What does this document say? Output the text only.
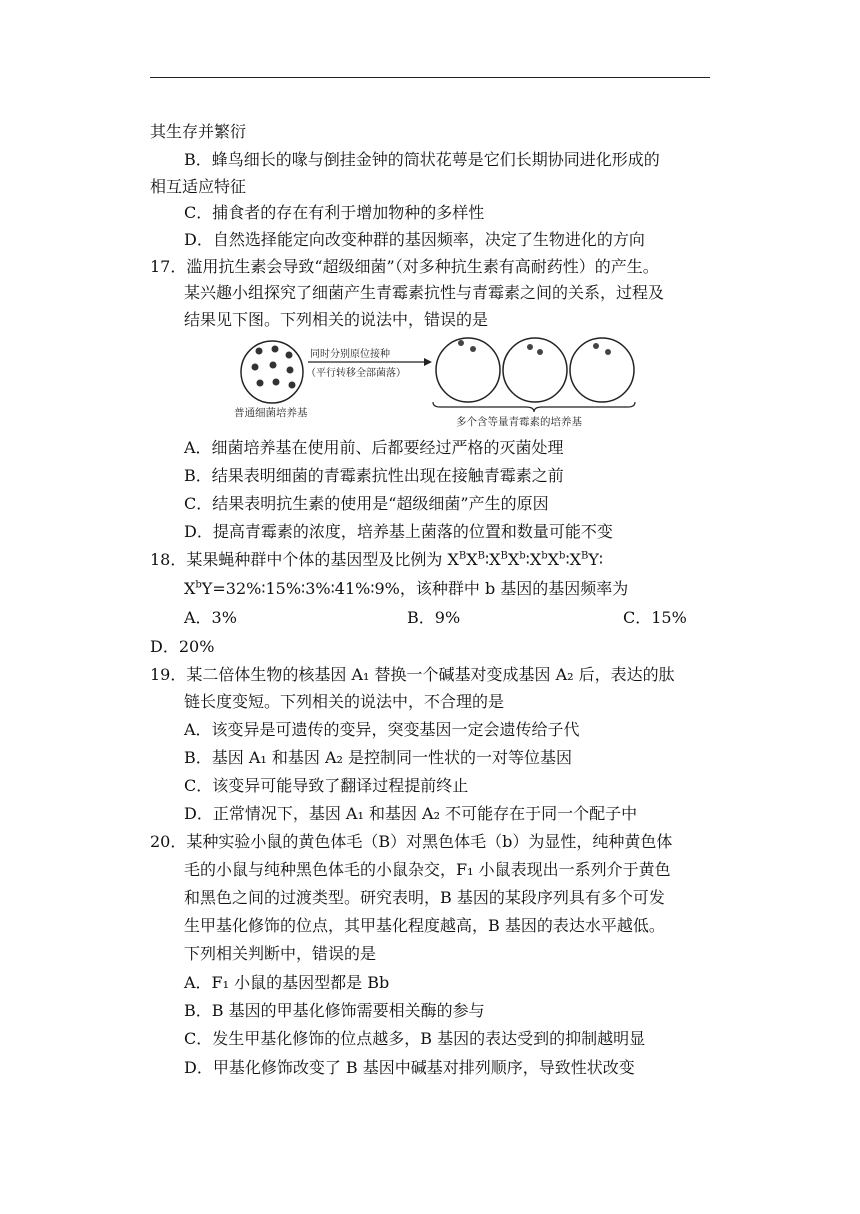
其生存并繁衍
B．蜂鸟细长的喙与倒挂金钟的筒状花萼是它们长期协同进化形成的
相互适应特征
C．捕食者的存在有利于增加物种的多样性
D．自然选择能定向改变种群的基因频率，决定了生物进化的方向
17．滥用抗生素会导致“超级细菌”（对多种抗生素有高耐药性）的产生。
某兴趣小组探究了细菌产生青霉素抗性与青霉素之间的关系，过程及
结果见下图。下列相关的说法中，错误的是
同时分别原位接种
（平行转移全部菌落）
普通细菌培养基
多个含等量青霉素的培养基
A．细菌培养基在使用前、后都要经过严格的灭菌处理
B．结果表明细菌的青霉素抗性出现在接触青霉素之前
C．结果表明抗生素的使用是“超级细菌”产生的原因
D．提高青霉素的浓度，培养基上菌落的位置和数量可能不变
18．某果蝇种群中个体的基因型及比例为 $X^BX^B∶X^BX^b∶X^bX^b∶X^BY∶$
$X^bY=32\%∶15\%∶3\%∶41\%∶9\%$，该种群中 b 基因的基因频率为
A．3%	B．9%	C．15%
D．20%
19．某二倍体生物的核基因 A₁ 替换一个碱基对变成基因 A₂ 后，表达的肽
链长度变短。下列相关的说法中，不合理的是
A．该变异是可遗传的变异，突变基因一定会遗传给子代
B．基因 A₁ 和基因 A₂ 是控制同一性状的一对等位基因
C．该变异可能导致了翻译过程提前终止
D．正常情况下，基因 A₁ 和基因 A₂ 不可能存在于同一个配子中
20．某种实验小鼠的黄色体毛（B）对黑色体毛（b）为显性，纯种黄色体
毛的小鼠与纯种黑色体毛的小鼠杂交，F₁ 小鼠表现出一系列介于黄色
和黑色之间的过渡类型。研究表明，B 基因的某段序列具有多个可发
生甲基化修饰的位点，其甲基化程度越高，B 基因的表达水平越低。
下列相关判断中，错误的是
A．F₁ 小鼠的基因型都是 Bb
B．B 基因的甲基化修饰需要相关酶的参与
C．发生甲基化修饰的位点越多，B 基因的表达受到的抑制越明显
D．甲基化修饰改变了 B 基因中碱基对排列顺序，导致性状改变
